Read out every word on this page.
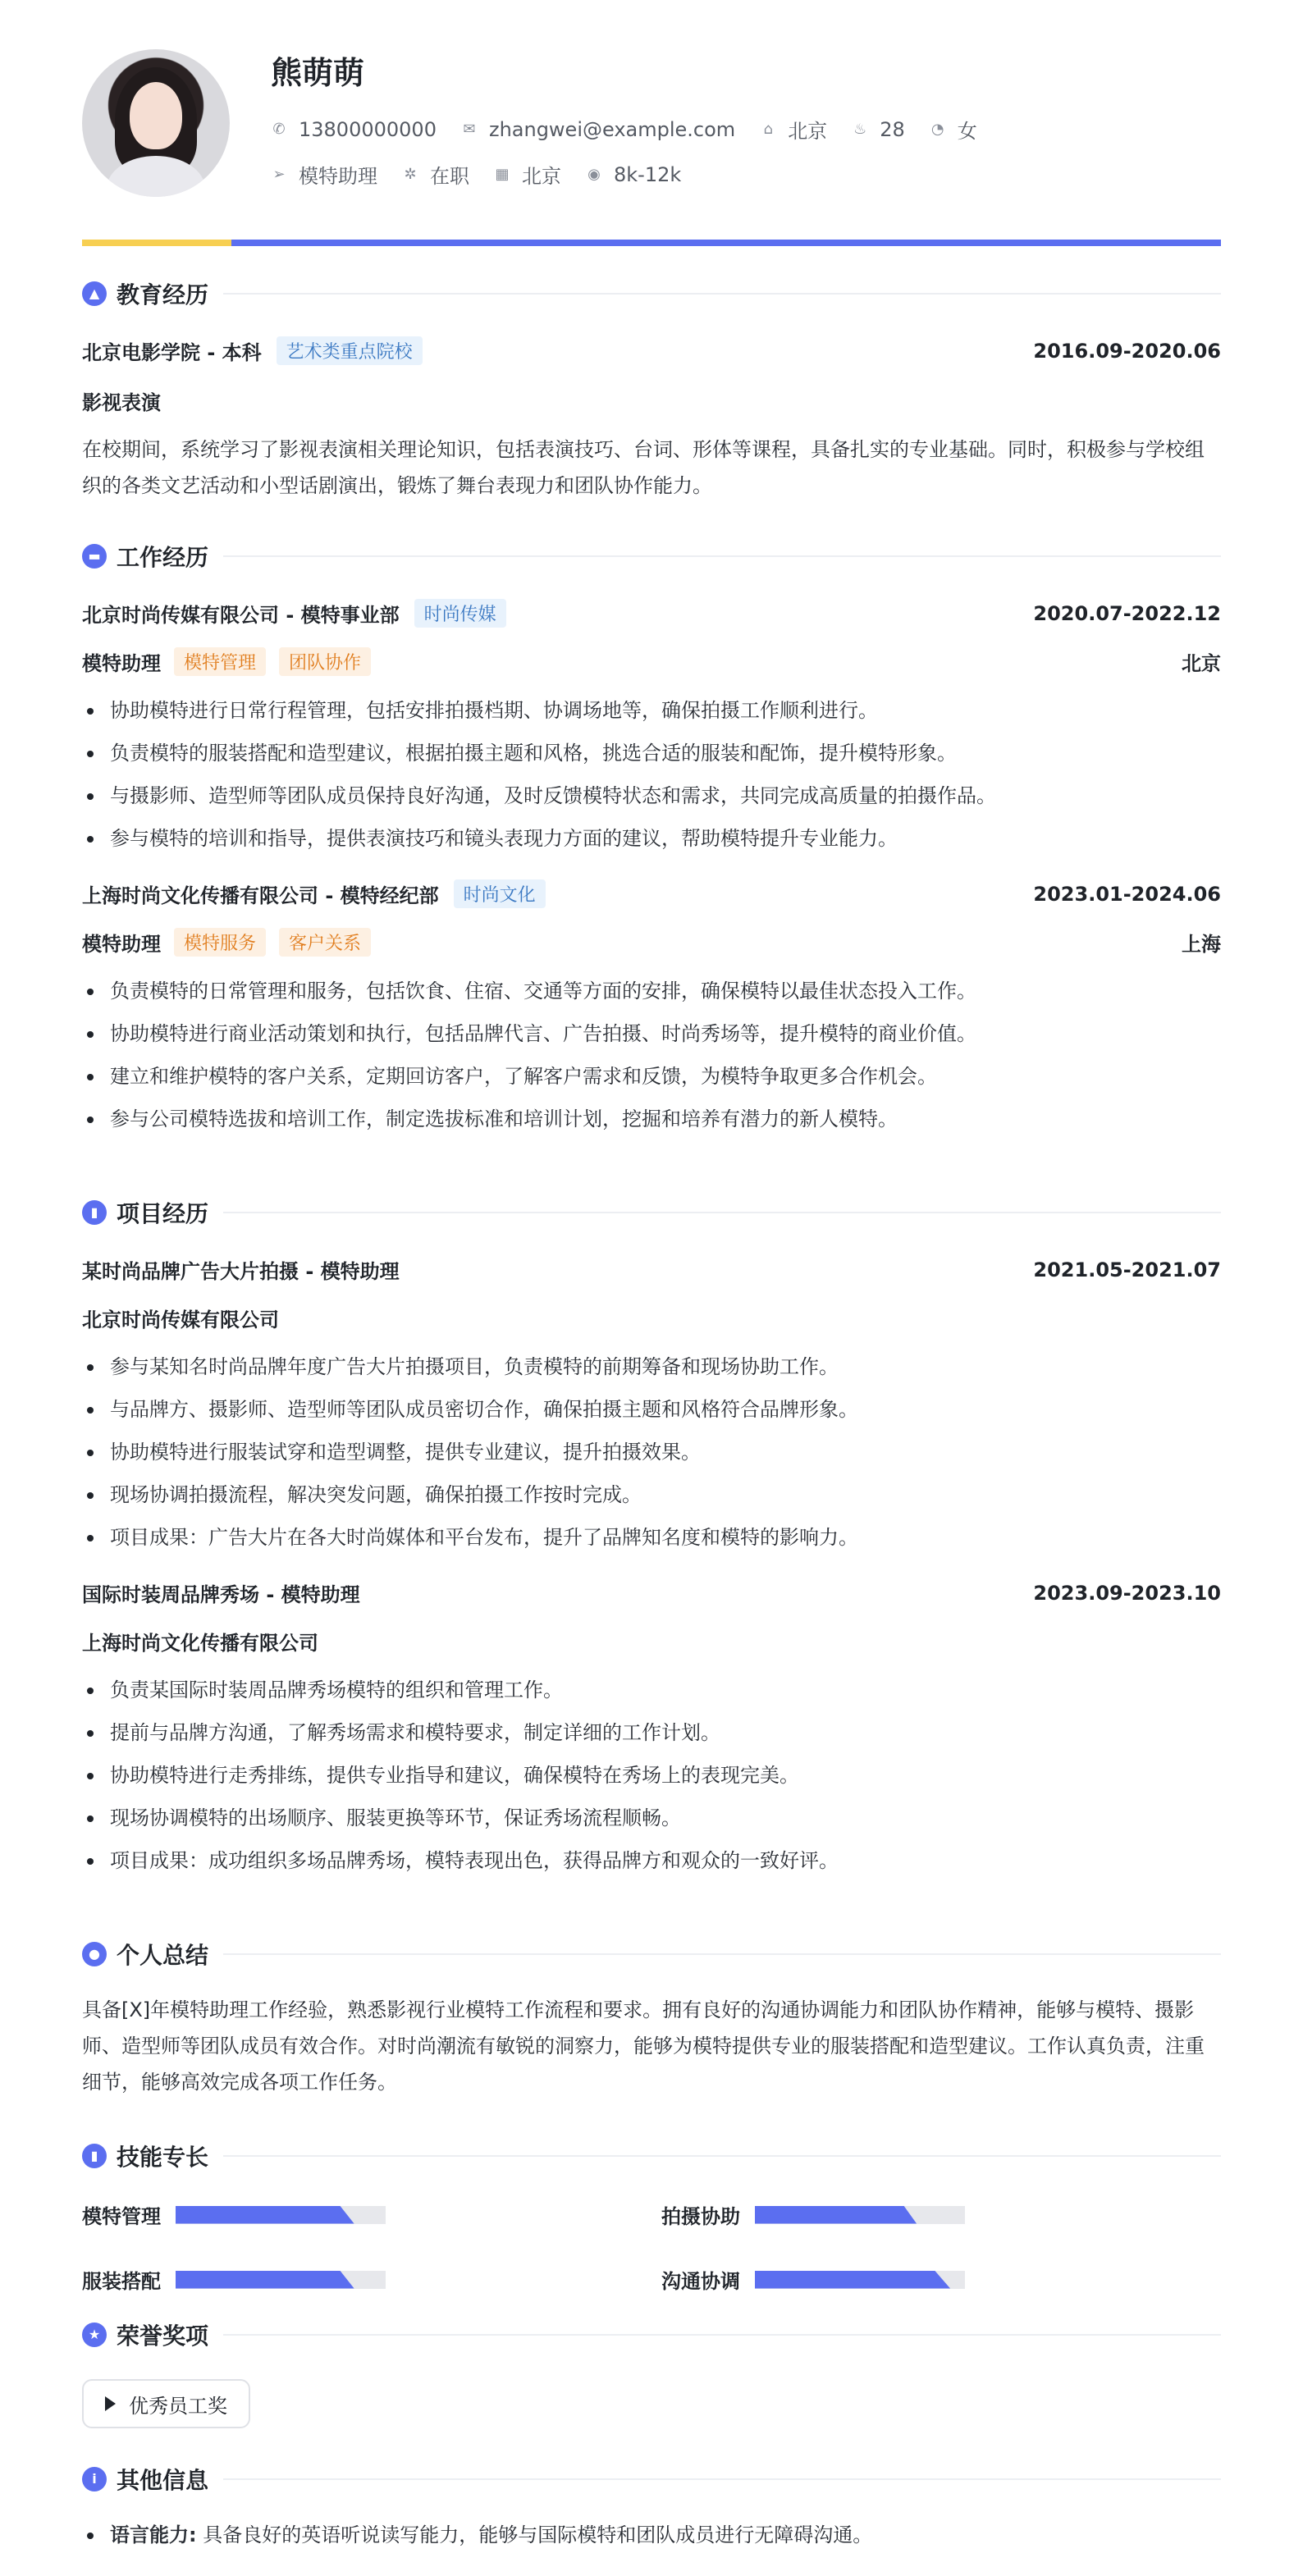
熊萌萌
✆ 13800000000 ✉ zhangwei@example.com ⌂ 北京 ♨ 28 ◔ 女
➢ 模特助理 ✲ 在职 ▦ 北京 ◉ 8k-12k
▲ 教育经历
北京电影学院 - 本科	艺术类重点院校	2016.09-2020.06
影视表演
在校期间，系统学习了影视表演相关理论知识，包括表演技巧、台词、形体等课程，具备扎实的专业基础。同时，积极参与学校组织的各类文艺活动和小型话剧演出，锻炼了舞台表现力和团队协作能力。
▬ 工作经历
北京时尚传媒有限公司 - 模特事业部	时尚传媒	2020.07-2022.12
模特助理	模特管理	团队协作	北京
协助模特进行日常行程管理，包括安排拍摄档期、协调场地等，确保拍摄工作顺利进行。
负责模特的服装搭配和造型建议，根据拍摄主题和风格，挑选合适的服装和配饰，提升模特形象。
与摄影师、造型师等团队成员保持良好沟通，及时反馈模特状态和需求，共同完成高质量的拍摄作品。
参与模特的培训和指导，提供表演技巧和镜头表现力方面的建议，帮助模特提升专业能力。
上海时尚文化传播有限公司 - 模特经纪部	时尚文化	2023.01-2024.06
模特助理	模特服务	客户关系	上海
负责模特的日常管理和服务，包括饮食、住宿、交通等方面的安排，确保模特以最佳状态投入工作。
协助模特进行商业活动策划和执行，包括品牌代言、广告拍摄、时尚秀场等，提升模特的商业价值。
建立和维护模特的客户关系，定期回访客户，了解客户需求和反馈，为模特争取更多合作机会。
参与公司模特选拔和培训工作，制定选拔标准和培训计划，挖掘和培养有潜力的新人模特。
▮ 项目经历
某时尚品牌广告大片拍摄 - 模特助理	2021.05-2021.07
北京时尚传媒有限公司
参与某知名时尚品牌年度广告大片拍摄项目，负责模特的前期筹备和现场协助工作。
与品牌方、摄影师、造型师等团队成员密切合作，确保拍摄主题和风格符合品牌形象。
协助模特进行服装试穿和造型调整，提供专业建议，提升拍摄效果。
现场协调拍摄流程，解决突发问题，确保拍摄工作按时完成。
项目成果：广告大片在各大时尚媒体和平台发布，提升了品牌知名度和模特的影响力。
国际时装周品牌秀场 - 模特助理	2023.09-2023.10
上海时尚文化传播有限公司
负责某国际时装周品牌秀场模特的组织和管理工作。
提前与品牌方沟通，了解秀场需求和模特要求，制定详细的工作计划。
协助模特进行走秀排练，提供专业指导和建议，确保模特在秀场上的表现完美。
现场协调模特的出场顺序、服装更换等环节，保证秀场流程顺畅。
项目成果：成功组织多场品牌秀场，模特表现出色，获得品牌方和观众的一致好评。
● 个人总结
具备[X]年模特助理工作经验，熟悉影视行业模特工作流程和要求。拥有良好的沟通协调能力和团队协作精神，能够与模特、摄影师、造型师等团队成员有效合作。对时尚潮流有敏锐的洞察力，能够为模特提供专业的服装搭配和造型建议。工作认真负责，注重细节，能够高效完成各项工作任务。
▮ 技能专长
模特管理	拍摄协助
服装搭配	沟通协调
★ 荣誉奖项
优秀员工奖
i 其他信息
语言能力: 具备良好的英语听说读写能力，能够与国际模特和团队成员进行无障碍沟通。
